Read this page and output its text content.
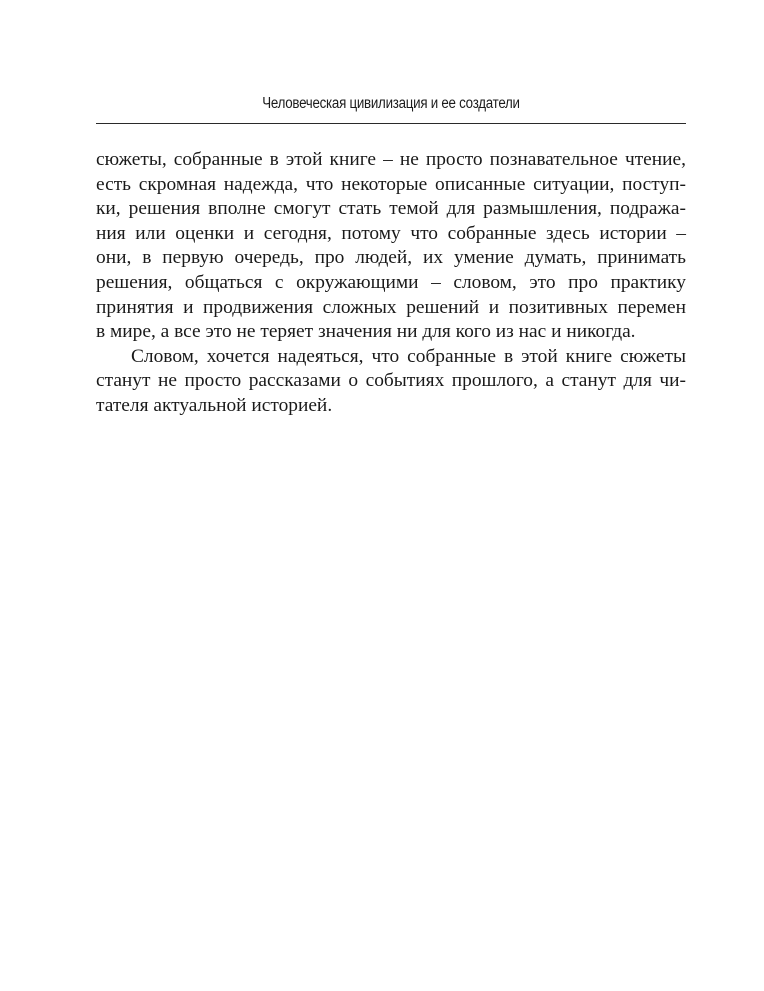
Человеческая цивилизация и ее создатели
сюжеты, собранные в этой книге – не просто познавательное чтение,
есть скромная надежда, что некоторые описанные ситуации, поступ-
ки, решения вполне смогут стать темой для размышления, подража-
ния или оценки и сегодня, потому что собранные здесь истории –
они, в первую очередь, про людей, их умение думать, принимать
решения, общаться с окружающими – словом, это про практику
принятия и продвижения сложных решений и позитивных перемен
в мире, а все это не теряет значения ни для кого из нас и никогда.
Словом, хочется надеяться, что собранные в этой книге сюжеты
станут не просто рассказами о событиях прошлого, а станут для чи-
тателя актуальной историей.
